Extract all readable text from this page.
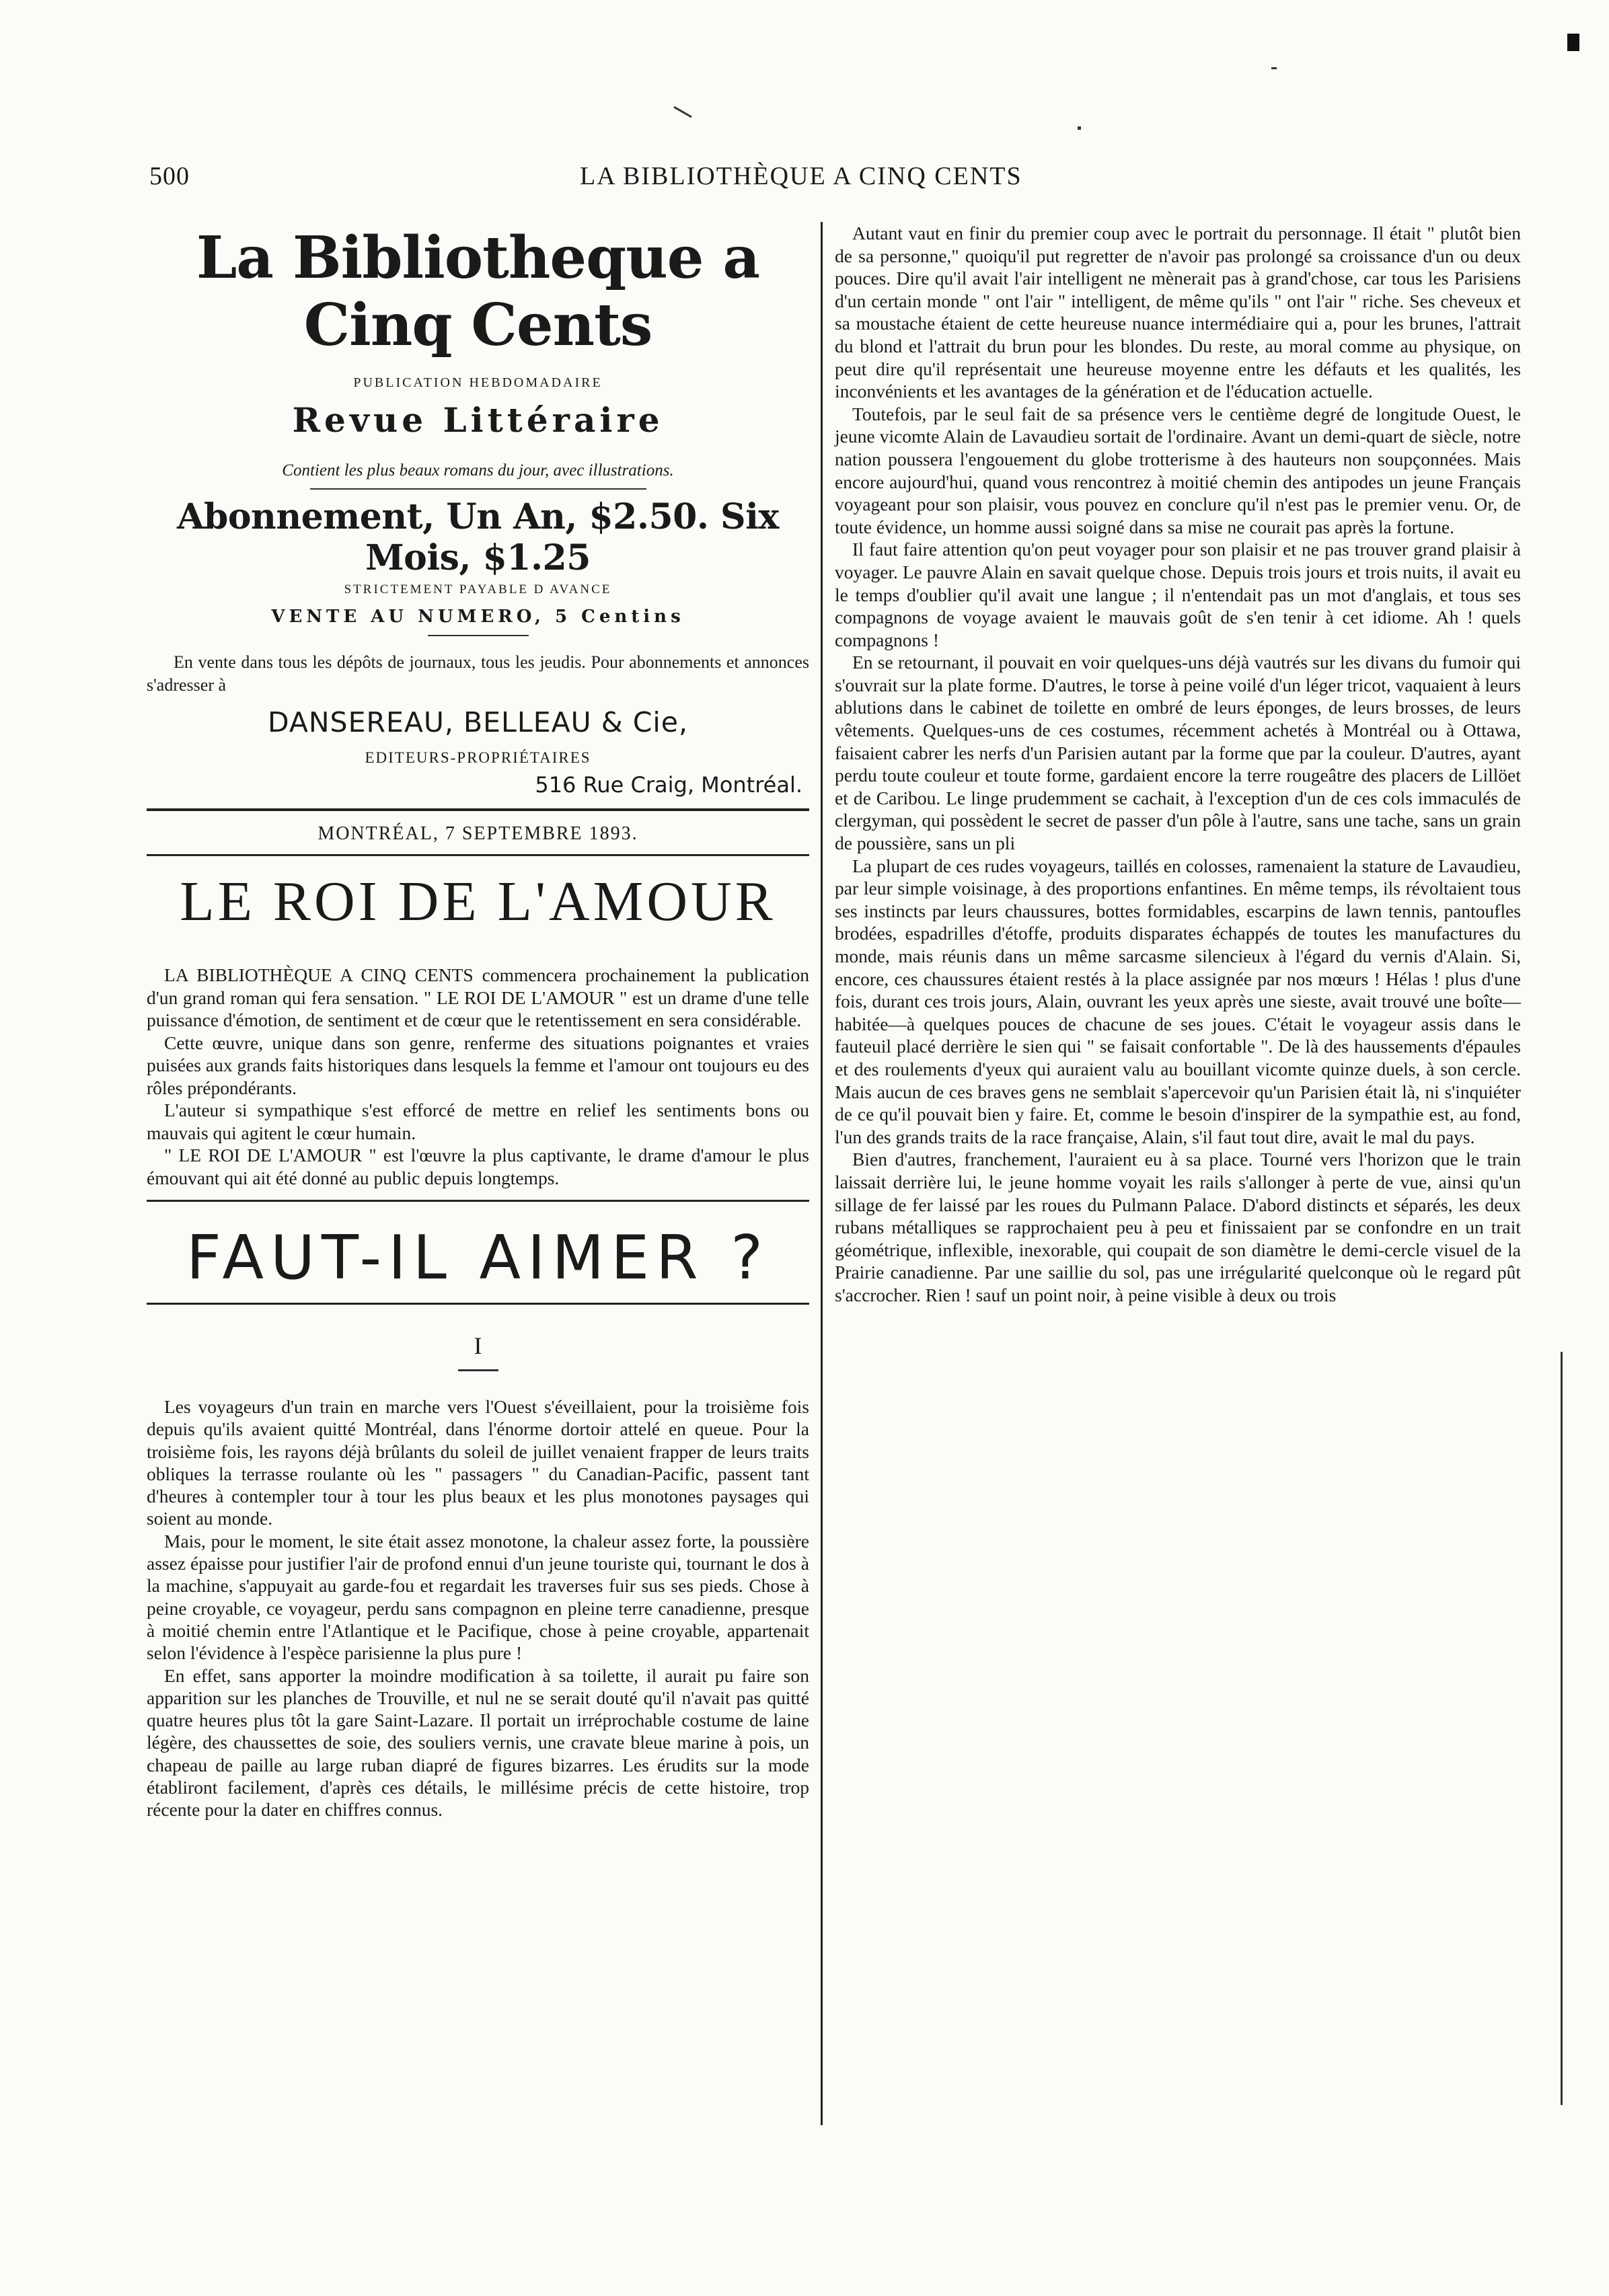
500	LA BIBLIOTHÈQUE A CINQ CENTS
La Bibliotheque a Cinq Cents
PUBLICATION HEBDOMADAIRE
Revue Littéraire
Contient les plus beaux romans du jour, avec illustrations.
Abonnement, Un An, $2.50. Six Mois, $1.25
STRICTEMENT PAYABLE D AVANCE
VENTE AU NUMERO, 5 Centins
En vente dans tous les dépôts de journaux, tous les jeudis. Pour abonnements et annonces s'adresser à
DANSEREAU, BELLEAU & Cie,
EDITEURS-PROPRIÉTAIRES
516 Rue Craig, Montréal.
MONTRÉAL, 7 SEPTEMBRE 1893.
LE ROI DE L'AMOUR

LA BIBLIOTHÈQUE A CINQ CENTS commencera prochainement la publication d'un grand roman qui fera sensation. " LE ROI DE L'AMOUR " est un drame d'une telle puissance d'émotion, de sentiment et de cœur que le retentissement en sera considérable.

Cette œuvre, unique dans son genre, renferme des situations poignantes et vraies puisées aux grands faits historiques dans lesquels la femme et l'amour ont toujours eu des rôles prépondérants.

L'auteur si sympathique s'est efforcé de mettre en relief les sentiments bons ou mauvais qui agitent le cœur humain.

" LE ROI DE L'AMOUR " est l'œuvre la plus captivante, le drame d'amour le plus émouvant qui ait été donné au public depuis longtemps.

FAUT-IL AIMER ?
I

Les voyageurs d'un train en marche vers l'Ouest s'éveillaient, pour la troisième fois depuis qu'ils avaient quitté Montréal, dans l'énorme dortoir attelé en queue. Pour la troisième fois, les rayons déjà brûlants du soleil de juillet venaient frapper de leurs traits obliques la terrasse roulante où les " passagers " du Canadian-Pacific, passent tant d'heures à contempler tour à tour les plus beaux et les plus monotones paysages qui soient au monde.

Mais, pour le moment, le site était assez monotone, la chaleur assez forte, la poussière assez épaisse pour justifier l'air de profond ennui d'un jeune touriste qui, tournant le dos à la machine, s'appuyait au garde-fou et regardait les traverses fuir sus ses pieds. Chose à peine croyable, ce voyageur, perdu sans compagnon en pleine terre canadienne, presque à moitié chemin entre l'Atlantique et le Pacifique, chose à peine croyable, appartenait selon l'évidence à l'espèce parisienne la plus pure !

En effet, sans apporter la moindre modification à sa toilette, il aurait pu faire son apparition sur les planches de Trouville, et nul ne se serait douté qu'il n'avait pas quitté quatre heures plus tôt la gare Saint-Lazare. Il portait un irréprochable costume de laine légère, des chaussettes de soie, des souliers vernis, une cravate bleue marine à pois, un chapeau de paille au large ruban diapré de figures bizarres. Les érudits sur la mode établiront facilement, d'après ces détails, le millésime précis de cette histoire, trop récente pour la dater en chiffres connus.

Autant vaut en finir du premier coup avec le portrait du personnage. Il était " plutôt bien de sa personne," quoiqu'il put regretter de n'avoir pas prolongé sa croissance d'un ou deux pouces. Dire qu'il avait l'air intelligent ne mènerait pas à grand'chose, car tous les Parisiens d'un certain monde " ont l'air " intelligent, de même qu'ils " ont l'air " riche. Ses cheveux et sa moustache étaient de cette heureuse nuance intermédiaire qui a, pour les brunes, l'attrait du blond et l'attrait du brun pour les blondes. Du reste, au moral comme au physique, on peut dire qu'il représentait une heureuse moyenne entre les défauts et les qualités, les inconvénients et les avantages de la génération et de l'éducation actuelle.

Toutefois, par le seul fait de sa présence vers le centième degré de longitude Ouest, le jeune vicomte Alain de Lavaudieu sortait de l'ordinaire. Avant un demi-quart de siècle, notre nation poussera l'engouement du globe trotterisme à des hauteurs non soupçonnées. Mais encore aujourd'hui, quand vous rencontrez à moitié chemin des antipodes un jeune Français voyageant pour son plaisir, vous pouvez en conclure qu'il n'est pas le premier venu. Or, de toute évidence, un homme aussi soigné dans sa mise ne courait pas après la fortune.

Il faut faire attention qu'on peut voyager pour son plaisir et ne pas trouver grand plaisir à voyager. Le pauvre Alain en savait quelque chose. Depuis trois jours et trois nuits, il avait eu le temps d'oublier qu'il avait une langue ; il n'entendait pas un mot d'anglais, et tous ses compagnons de voyage avaient le mauvais goût de s'en tenir à cet idiome. Ah ! quels compagnons !

En se retournant, il pouvait en voir quelques-uns déjà vautrés sur les divans du fumoir qui s'ouvrait sur la plate forme. D'autres, le torse à peine voilé d'un léger tricot, vaquaient à leurs ablutions dans le cabinet de toilette en ombré de leurs éponges, de leurs brosses, de leurs vêtements. Quelques-uns de ces costumes, récemment achetés à Montréal ou à Ottawa, faisaient cabrer les nerfs d'un Parisien autant par la forme que par la couleur. D'autres, ayant perdu toute couleur et toute forme, gardaient encore la terre rougeâtre des placers de Lillöet et de Caribou. Le linge prudemment se cachait, à l'exception d'un de ces cols immaculés de clergyman, qui possèdent le secret de passer d'un pôle à l'autre, sans une tache, sans un grain de poussière, sans un pli

La plupart de ces rudes voyageurs, taillés en colosses, ramenaient la stature de Lavaudieu, par leur simple voisinage, à des proportions enfantines. En même temps, ils révoltaient tous ses instincts par leurs chaussures, bottes formidables, escarpins de lawn tennis, pantoufles brodées, espadrilles d'étoffe, produits disparates échappés de toutes les manufactures du monde, mais réunis dans un même sarcasme silencieux à l'égard du vernis d'Alain. Si, encore, ces chaussures étaient restés à la place assignée par nos mœurs ! Hélas ! plus d'une fois, durant ces trois jours, Alain, ouvrant les yeux après une sieste, avait trouvé une boîte—habitée—à quelques pouces de chacune de ses joues. C'était le voyageur assis dans le fauteuil placé derrière le sien qui " se faisait confortable ". De là des haussements d'épaules et des roulements d'yeux qui auraient valu au bouillant vicomte quinze duels, à son cercle. Mais aucun de ces braves gens ne semblait s'apercevoir qu'un Parisien était là, ni s'inquiéter de ce qu'il pouvait bien y faire. Et, comme le besoin d'inspirer de la sympathie est, au fond, l'un des grands traits de la race française, Alain, s'il faut tout dire, avait le mal du pays.

Bien d'autres, franchement, l'auraient eu à sa place. Tourné vers l'horizon que le train laissait derrière lui, le jeune homme voyait les rails s'allonger à perte de vue, ainsi qu'un sillage de fer laissé par les roues du Pulmann Palace. D'abord distincts et séparés, les deux rubans métalliques se rapprochaient peu à peu et finissaient par se confondre en un trait géométrique, inflexible, inexorable, qui coupait de son diamètre le demi-cercle visuel de la Prairie canadienne. Par une saillie du sol, pas une irrégularité quelconque où le regard pût s'accrocher. Rien ! sauf un point noir, à peine visible à deux ou trois
